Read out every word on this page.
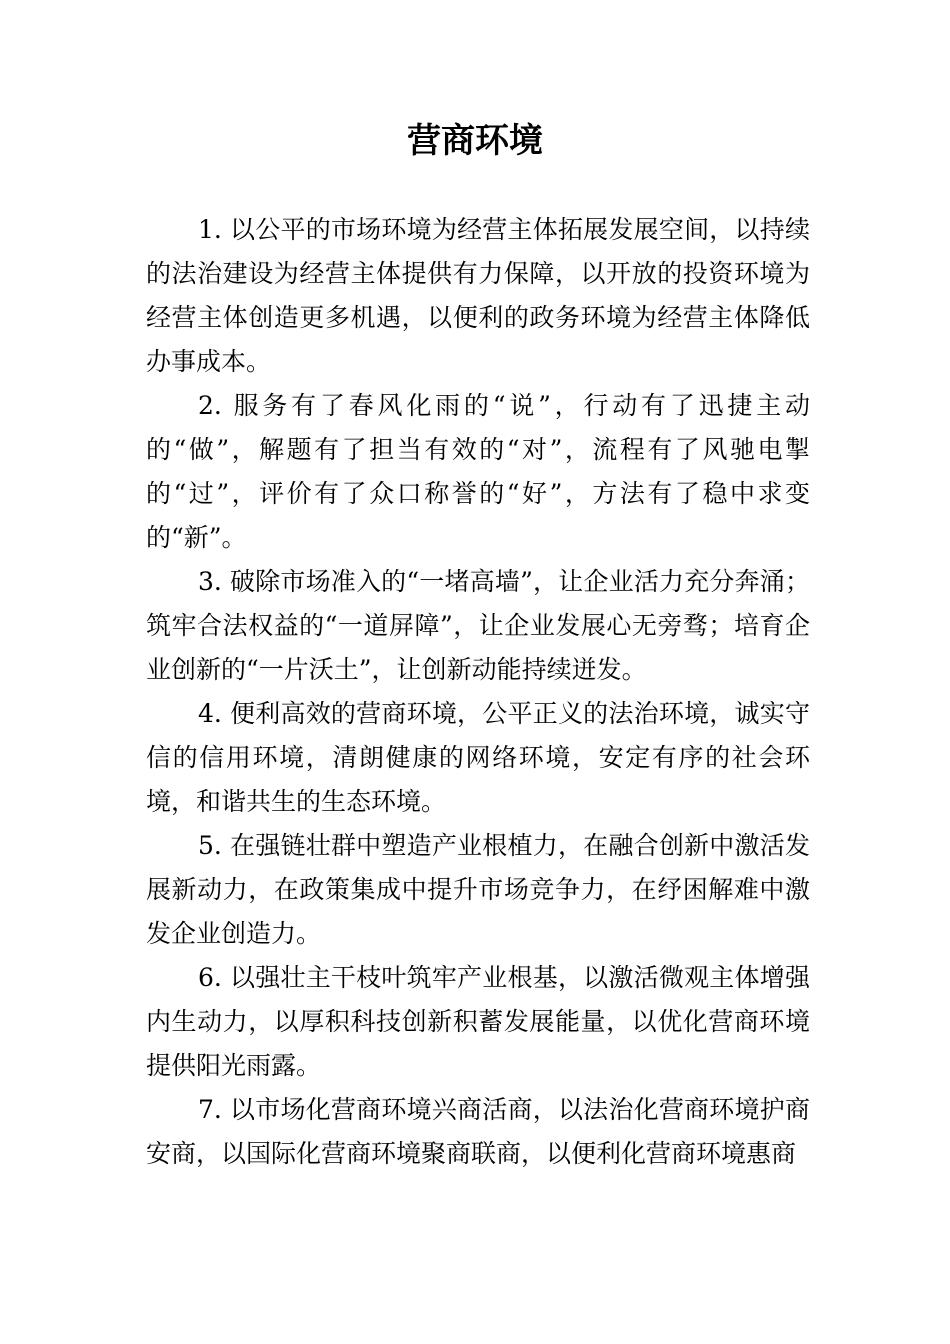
营商环境

1. 以公平的市场环境为经营主体拓展发展空间，以持续的法治建设为经营主体提供有力保障，以开放的投资环境为经营主体创造更多机遇，以便利的政务环境为经营主体降低办事成本。

2. 服务有了春风化雨的“说”，行动有了迅捷主动的“做”，解题有了担当有效的“对”，流程有了风驰电掣的“过”，评价有了众口称誉的“好”，方法有了稳中求变的“新”。

3. 破除市场准入的“一堵高墙”，让企业活力充分奔涌；筑牢合法权益的“一道屏障”，让企业发展心无旁骛；培育企业创新的“一片沃土”，让创新动能持续迸发。

4. 便利高效的营商环境，公平正义的法治环境，诚实守信的信用环境，清朗健康的网络环境，安定有序的社会环境，和谐共生的生态环境。

5. 在强链壮群中塑造产业根植力，在融合创新中激活发展新动力，在政策集成中提升市场竞争力，在纾困解难中激发企业创造力。

6. 以强壮主干枝叶筑牢产业根基，以激活微观主体增强内生动力，以厚积科技创新积蓄发展能量，以优化营商环境提供阳光雨露。

7. 以市场化营商环境兴商活商，以法治化营商环境护商安商，以国际化营商环境聚商联商，以便利化营商环境惠商
